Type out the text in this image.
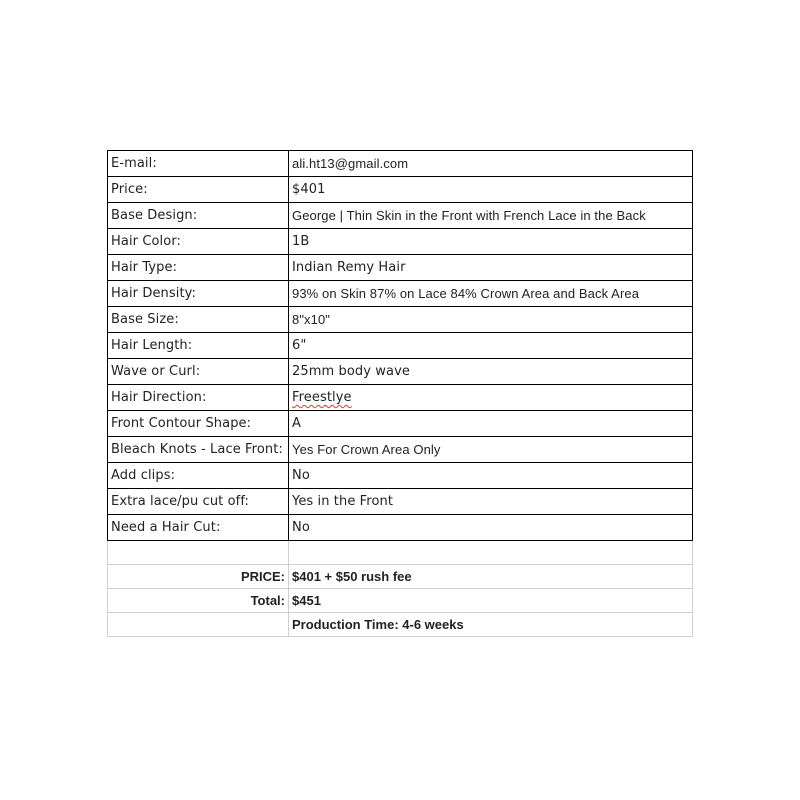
E-mail:	ali.ht13@gmail.com
Price:	$401
Base Design:	George | Thin Skin in the Front with French Lace in the Back
Hair Color:	1B
Hair Type:	Indian Remy Hair
Hair Density:	93% on Skin 87% on Lace 84% Crown Area and Back Area
Base Size:	8"x10"
Hair Length:	6"
Wave or Curl:	25mm body wave
Hair Direction:	Freestlye
Front Contour Shape:	A
Bleach Knots - Lace Front:	Yes For Crown Area Only
Add clips:	No
Extra lace/pu cut off:	Yes in the Front
Need a Hair Cut:	No

PRICE:	$401 + $50 rush fee
Total:	$451
	Production Time: 4-6 weeks
